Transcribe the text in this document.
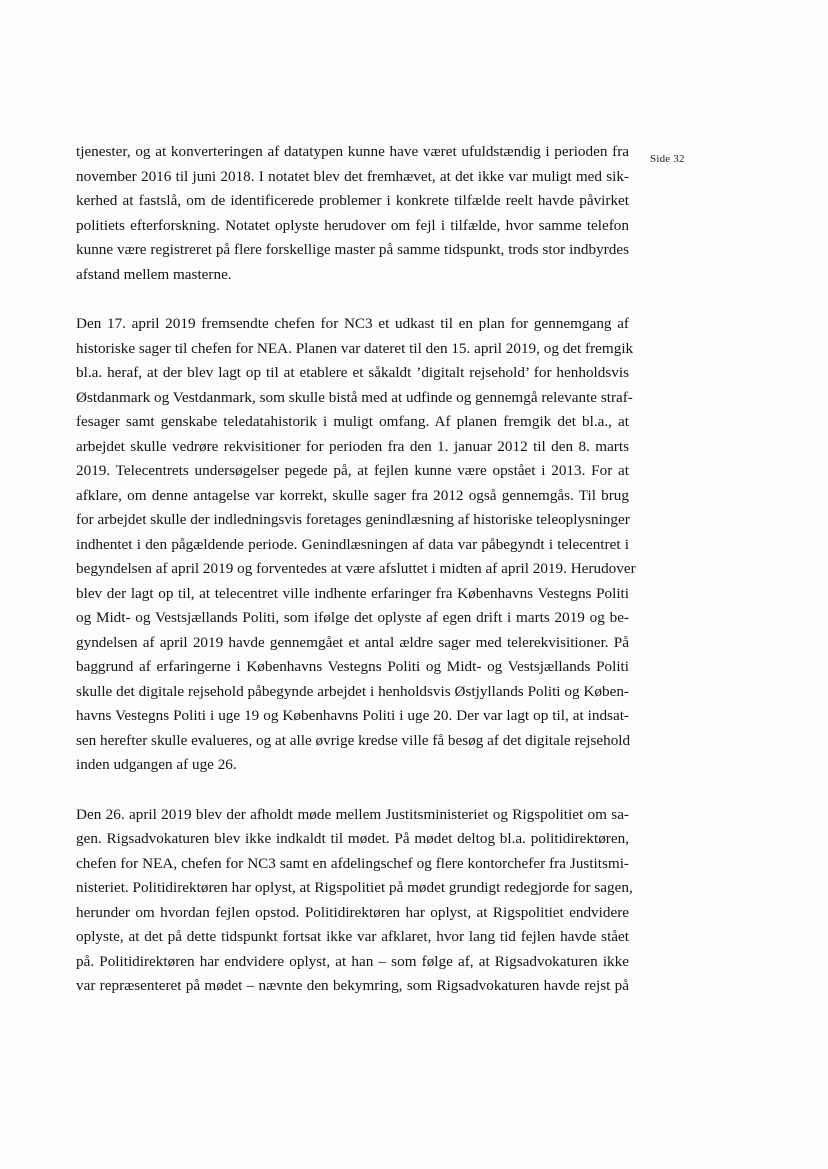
Side 32

tjenester, og at konverteringen af datatypen kunne have været ufuldstændig i perioden fra
november 2016 til juni 2018. I notatet blev det fremhævet, at det ikke var muligt med sik-
kerhed at fastslå, om de identificerede problemer i konkrete tilfælde reelt havde påvirket
politiets efterforskning. Notatet oplyste herudover om fejl i tilfælde, hvor samme telefon
kunne være registreret på flere forskellige master på samme tidspunkt, trods stor indbyrdes
afstand mellem masterne.

Den 17. april 2019 fremsendte chefen for NC3 et udkast til en plan for gennemgang af
historiske sager til chefen for NEA. Planen var dateret til den 15. april 2019, og det fremgik
bl.a. heraf, at der blev lagt op til at etablere et såkaldt ’digitalt rejsehold’ for henholdsvis
Østdanmark og Vestdanmark, som skulle bistå med at udfinde og gennemgå relevante straf-
fesager samt genskabe teledatahistorik i muligt omfang. Af planen fremgik det bl.a., at
arbejdet skulle vedrøre rekvisitioner for perioden fra den 1. januar 2012 til den 8. marts
2019. Telecentrets undersøgelser pegede på, at fejlen kunne være opstået i 2013. For at
afklare, om denne antagelse var korrekt, skulle sager fra 2012 også gennemgås. Til brug
for arbejdet skulle der indledningsvis foretages genindlæsning af historiske teleoplysninger
indhentet i den pågældende periode. Genindlæsningen af data var påbegyndt i telecentret i
begyndelsen af april 2019 og forventedes at være afsluttet i midten af april 2019. Herudover
blev der lagt op til, at telecentret ville indhente erfaringer fra Københavns Vestegns Politi
og Midt- og Vestsjællands Politi, som ifølge det oplyste af egen drift i marts 2019 og be-
gyndelsen af april 2019 havde gennemgået et antal ældre sager med telerekvisitioner. På
baggrund af erfaringerne i Københavns Vestegns Politi og Midt- og Vestsjællands Politi
skulle det digitale rejsehold påbegynde arbejdet i henholdsvis Østjyllands Politi og Køben-
havns Vestegns Politi i uge 19 og Københavns Politi i uge 20. Der var lagt op til, at indsat-
sen herefter skulle evalueres, og at alle øvrige kredse ville få besøg af det digitale rejsehold
inden udgangen af uge 26.

Den 26. april 2019 blev der afholdt møde mellem Justitsministeriet og Rigspolitiet om sa-
gen. Rigsadvokaturen blev ikke indkaldt til mødet. På mødet deltog bl.a. politidirektøren,
chefen for NEA, chefen for NC3 samt en afdelingschef og flere kontorchefer fra Justitsmi-
nisteriet. Politidirektøren har oplyst, at Rigspolitiet på mødet grundigt redegjorde for sagen,
herunder om hvordan fejlen opstod. Politidirektøren har oplyst, at Rigspolitiet endvidere
oplyste, at det på dette tidspunkt fortsat ikke var afklaret, hvor lang tid fejlen havde stået
på. Politidirektøren har endvidere oplyst, at han – som følge af, at Rigsadvokaturen ikke
var repræsenteret på mødet – nævnte den bekymring, som Rigsadvokaturen havde rejst på
